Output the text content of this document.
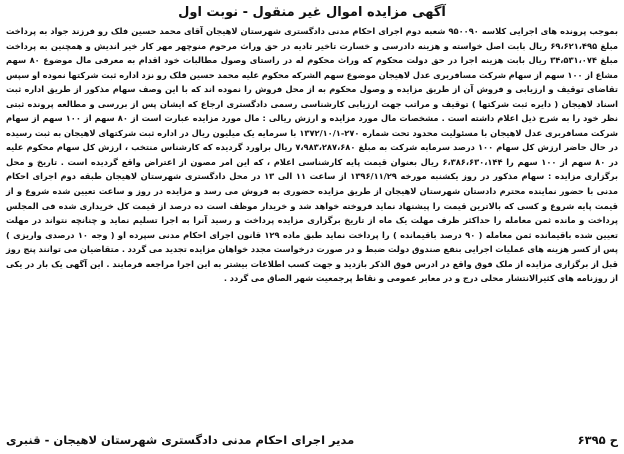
آگهی مزایده اموال غیر منقول - نوبت اول

بموجب پرونده های اجرایی کلاسه ۹۵۰۰۹۰ شعبه دوم اجرای احکام مدنی دادگستری شهرستان لاهیجان آقای محمد حسین فلک رو فرزند جواد به پرداخت مبلغ ۶۹،۶۲۱،۴۹۵ ریال بابت اصل خواسته و هزینه دادرسی و خسارت تاخیر تادیه در حق وراث مرحوم منوچهر مهر کار خیر اندیش و همچنین به پرداخت مبلغ ۳۴،۵۳۱،۰۷۴ ریال بابت هزینه اجرا در حق دولت محکوم که وراث محکوم له در راستای وصول مطالبات خود اقدام به معرفی مال موضوع ۸۰ سهم مشاع از ۱۰۰ سهم از سهام شرکت مسافربری عدل لاهیجان موضوع سهم الشرکه محکوم علیه محمد حسین فلک رو نزد اداره ثبت شرکتها نموده او سپس تقاضای توقیف و ارزیابی و فروش آن از طریق مزایده و وصول محکوم به از محل فروش را نموده اند که با این وصف سهام مذکور از طریق اداره ثبت اسناد لاهیجان ( دایره ثبت شرکتها ) توقیف و مراتب جهت ارزیابی کارشناسی رسمی دادگستری ارجاع که ایشان پس از بررسی و مطالعه پرونده ثبتی نظر خود را به شرح ذیل اعلام داشته است . مشخصات مال مورد مزایده و ارزش ریالی : مال مورد مزایده عبارت است از ۸۰ سهم از ۱۰۰ سهم از سهام شرکت مسافربری عدل لاهیجان با مسئولیت محدود تحت شماره ۲۷۰-۱۳۷۲/۱۰/۱ با سرمایه یک میلیون ریال در اداره ثبت شرکتهای لاهیجان به ثبت رسیده در حال حاضر ارزش کل سهام ۱۰۰ درصد سرمایه شرکت به مبلغ ۷،۹۸۳،۲۸۷،۶۸۰ ریال براورد گردیده که کارشناس منتخب ، ارزش کل سهام محکوم علیه در ۸۰ سهم از ۱۰۰ سهم را ۶،۳۸۶،۶۳۰،۱۴۴ ریال بعنوان قیمت پایه کارشناسی اعلام ، که این امر مصون از اعتراض واقع گردیده است . تاریخ و محل برگزاری مزایده : سهام مذکور در روز یکشنبه مورخه ۱۳۹۶/۱۱/۲۹ از ساعت ۱۱ الی ۱۳ در محل دادگستری شهرستان لاهیجان طبقه دوم اجرای احکام مدنی با حضور نماینده محترم دادستان شهرستان لاهیجان از طریق مزایده حضوری به فروش می رسد و مزایده در روز و ساعت تعیین شده شروع و از قیمت پایه شروع و کسی که بالاترین قیمت را پیشنهاد نماید فروخته خواهد شد و خریدار موظف است ده درصد از قیمت کل خریداری شده فی المجلس پرداخت و مانده ثمن معامله را حداکثر ظرف مهلت یک ماه از تاریخ برگزاری مزایده پرداخت و رسید آنرا به اجرا تسلیم نماید و چنانچه نتواند در مهلت تعیین شده باقیمانده ثمن معامله ( ۹۰ درصد باقیمانده ) را پرداخت نماید طبق ماده ۱۲۹ قانون اجرای احکام مدنی سپرده او ( وجه ۱۰ درصدی واریزی ) پس از کسر هزینه های عملیات اجرایی بنفع صندوق دولت ضبط و در صورت درخواست مجدد خواهان مزایده تجدید می گردد . متقاضیان می توانند پنج روز قبل از برگزاری مزایده از ملک فوق واقع در ادرس فوق الذکر بازدید و جهت کسب اطلاعات بیشتر به این اجرا مراجعه فرمایند . این آگهی یک بار در یکی از روزنامه های کثیرالانتشار محلی درج و در معابر عمومی و نقاط پرجمعیت شهر الصاق می گردد .

ح ۶۳۹۵
مدیر اجرای احکام مدنی دادگستری شهرستان لاهیجان - قنبری
